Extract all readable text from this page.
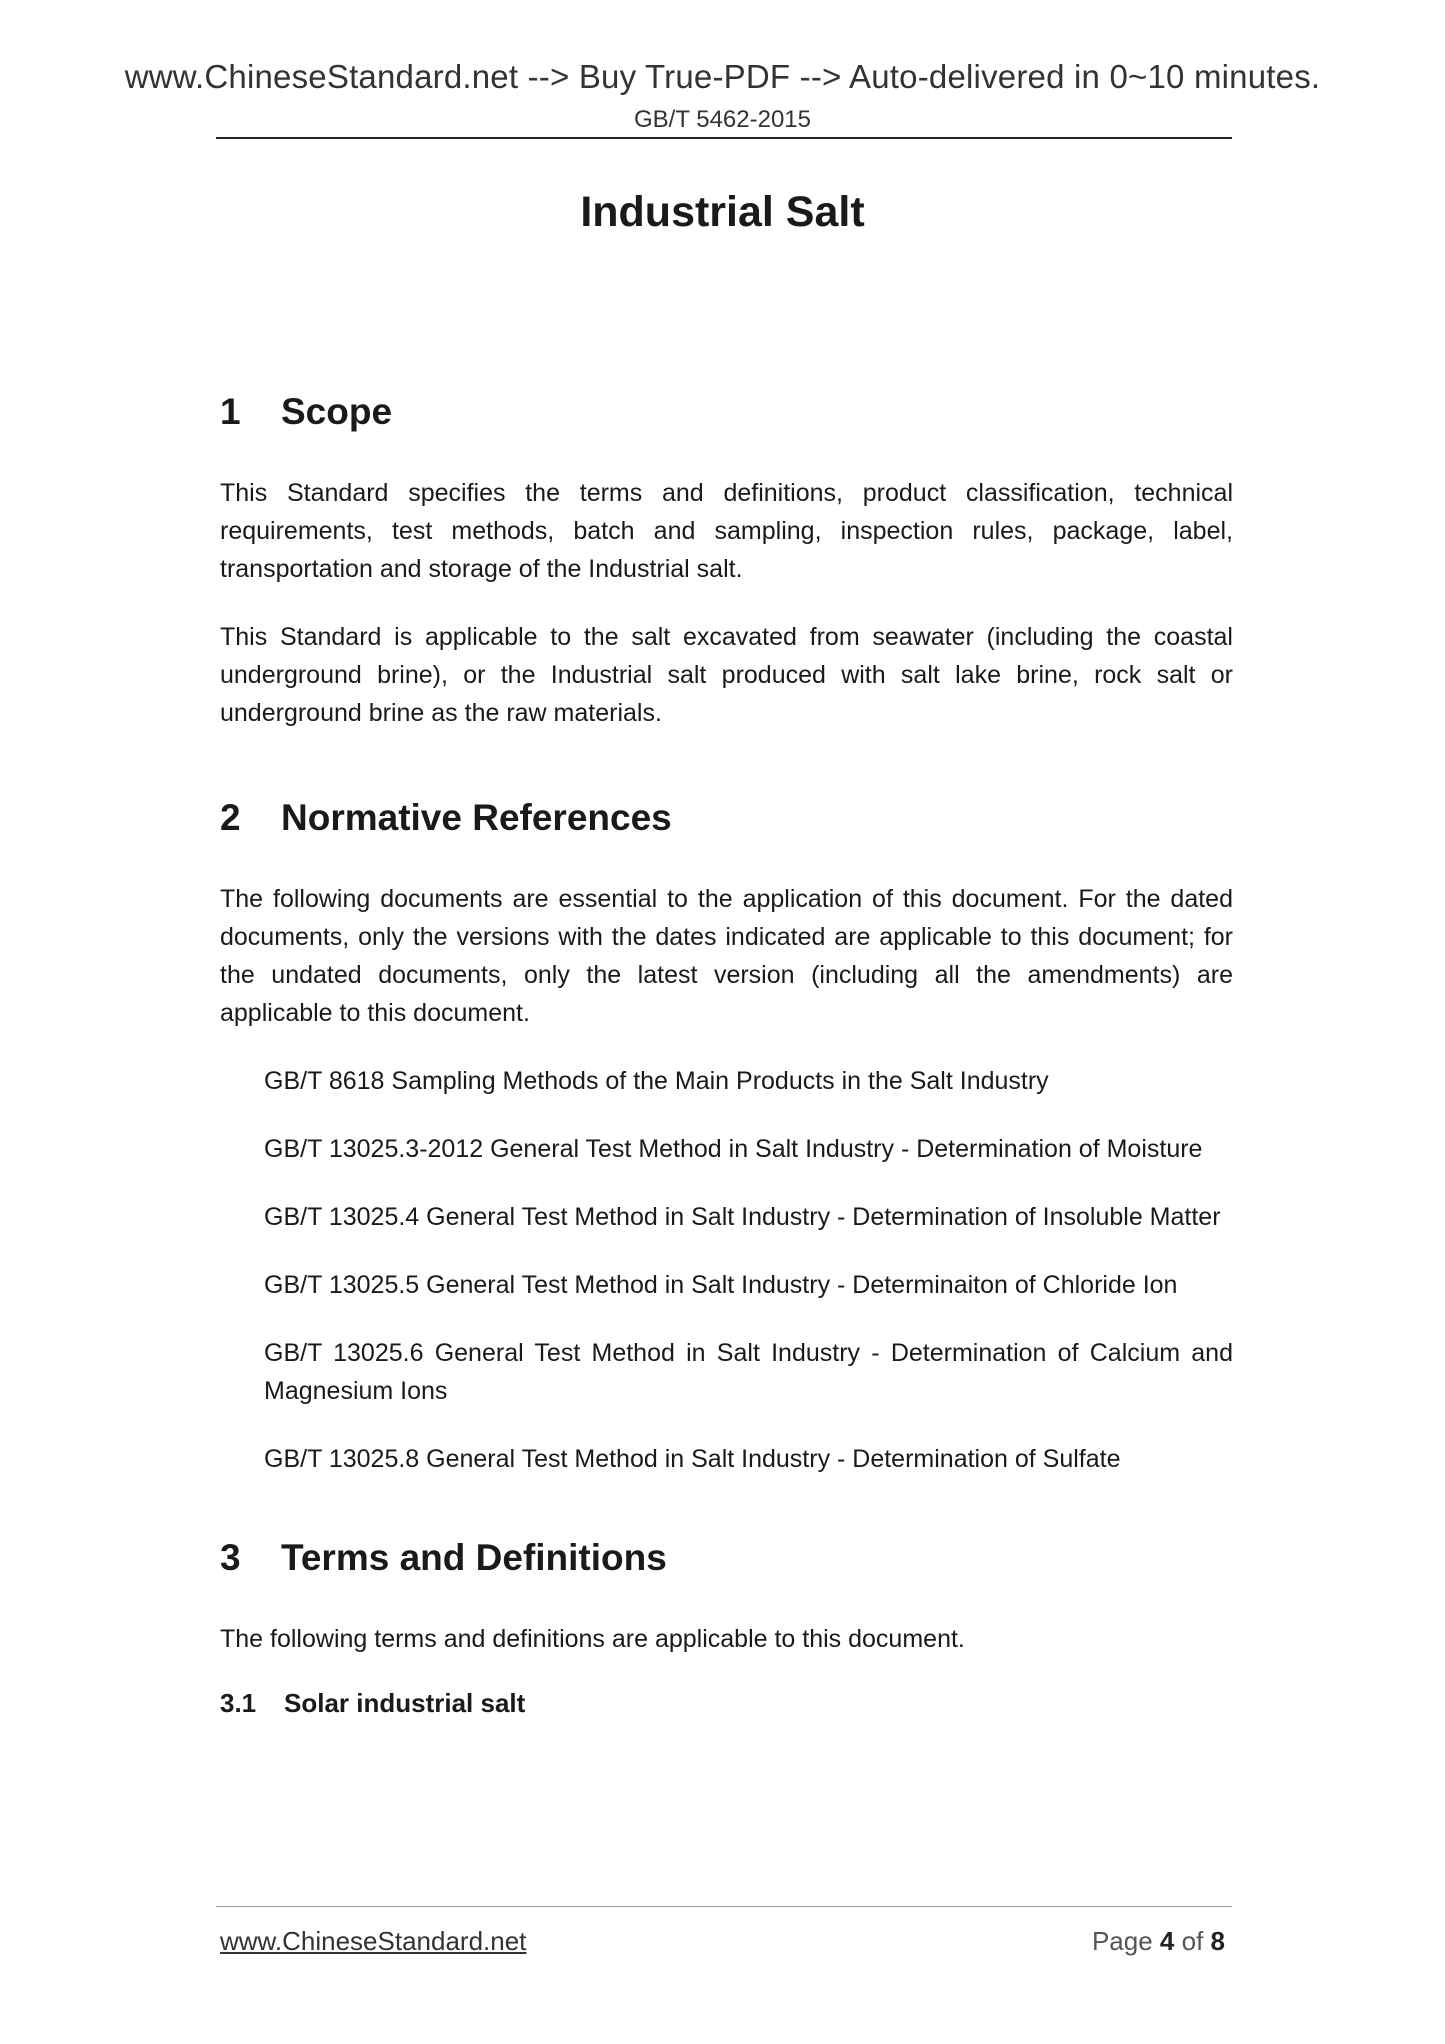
www.ChineseStandard.net --> Buy True-PDF --> Auto-delivered in 0~10 minutes.
GB/T 5462-2015
Industrial Salt
1 Scope

This Standard specifies the terms and definitions, product classification, technical requirements, test methods, batch and sampling, inspection rules, package, label, transportation and storage of the Industrial salt.

This Standard is applicable to the salt excavated from seawater (including the coastal underground brine), or the Industrial salt produced with salt lake brine, rock salt or underground brine as the raw materials.

2 Normative References

The following documents are essential to the application of this document. For the dated documents, only the versions with the dates indicated are applicable to this document; for the undated documents, only the latest version (including all the amendments) are applicable to this document.

GB/T 8618 Sampling Methods of the Main Products in the Salt Industry
GB/T 13025.3-2012 General Test Method in Salt Industry - Determination of Moisture
GB/T 13025.4 General Test Method in Salt Industry - Determination of Insoluble Matter
GB/T 13025.5 General Test Method in Salt Industry - Determinaiton of Chloride Ion
GB/T 13025.6 General Test Method in Salt Industry - Determination of Calcium and Magnesium Ions
GB/T 13025.8 General Test Method in Salt Industry - Determination of Sulfate
3 Terms and Definitions

The following terms and definitions are applicable to this document.

3.1 Solar industrial salt
www.ChineseStandard.net	Page 4 of 8
